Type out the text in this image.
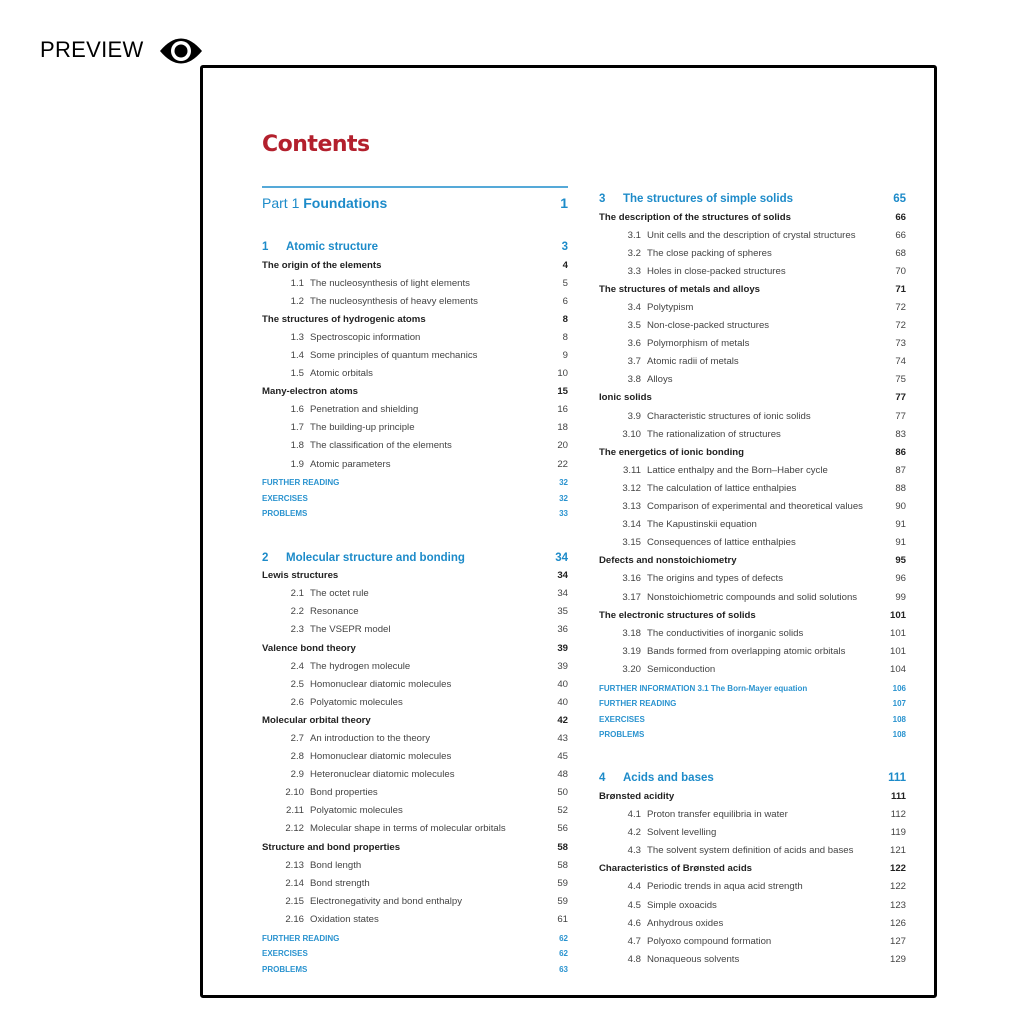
PREVIEW
Contents
Part 1
Foundations	1
1	Atomic structure	3
The origin of the elements	4
1.1 The nucleosynthesis of light elements	5
1.2 The nucleosynthesis of heavy elements	6
The structures of hydrogenic atoms	8
1.3 Spectroscopic information	8
1.4 Some principles of quantum mechanics	9
1.5 Atomic orbitals	10
Many-electron atoms	15
1.6 Penetration and shielding	16
1.7 The building-up principle	18
1.8 The classification of the elements	20
1.9 Atomic parameters	22
FURTHER READING	32
EXERCISES	32
PROBLEMS	33
2	Molecular structure and bonding	34
Lewis structures	34
2.1 The octet rule	34
2.2 Resonance	35
2.3 The VSEPR model	36
Valence bond theory	39
2.4 The hydrogen molecule	39
2.5 Homonuclear diatomic molecules	40
2.6 Polyatomic molecules	40
Molecular orbital theory	42
2.7 An introduction to the theory	43
2.8 Homonuclear diatomic molecules	45
2.9 Heteronuclear diatomic molecules	48
2.10 Bond properties	50
2.11 Polyatomic molecules	52
2.12 Molecular shape in terms of molecular orbitals	56
Structure and bond properties	58
2.13 Bond length	58
2.14 Bond strength	59
2.15 Electronegativity and bond enthalpy	59
2.16 Oxidation states	61
FURTHER READING	62
EXERCISES	62
PROBLEMS	63
3	The structures of simple solids	65
The description of the structures of solids	66
3.1 Unit cells and the description of crystal structures	66
3.2 The close packing of spheres	68
3.3 Holes in close-packed structures	70
The structures of metals and alloys	71
3.4 Polytypism	72
3.5 Non-close-packed structures	72
3.6 Polymorphism of metals	73
3.7 Atomic radii of metals	74
3.8 Alloys	75
Ionic solids	77
3.9 Characteristic structures of ionic solids	77
3.10 The rationalization of structures	83
The energetics of ionic bonding	86
3.11 Lattice enthalpy and the Born–Haber cycle	87
3.12 The calculation of lattice enthalpies	88
3.13 Comparison of experimental and theoretical values	90
3.14 The Kapustinskii equation	91
3.15 Consequences of lattice enthalpies	91
Defects and nonstoichiometry	95
3.16 The origins and types of defects	96
3.17 Nonstoichiometric compounds and solid solutions	99
The electronic structures of solids	101
3.18 The conductivities of inorganic solids	101
3.19 Bands formed from overlapping atomic orbitals	101
3.20 Semiconduction	104
FURTHER INFORMATION 3.1 The Born-Mayer equation	106
FURTHER READING	107
EXERCISES	108
PROBLEMS	108
4	Acids and bases	111
Brønsted acidity	111
4.1 Proton transfer equilibria in water	112
4.2 Solvent levelling	119
4.3 The solvent system definition of acids and bases	121
Characteristics of Brønsted acids	122
4.4 Periodic trends in aqua acid strength	122
4.5 Simple oxoacids	123
4.6 Anhydrous oxides	126
4.7 Polyoxo compound formation	127
4.8 Nonaqueous solvents	129
